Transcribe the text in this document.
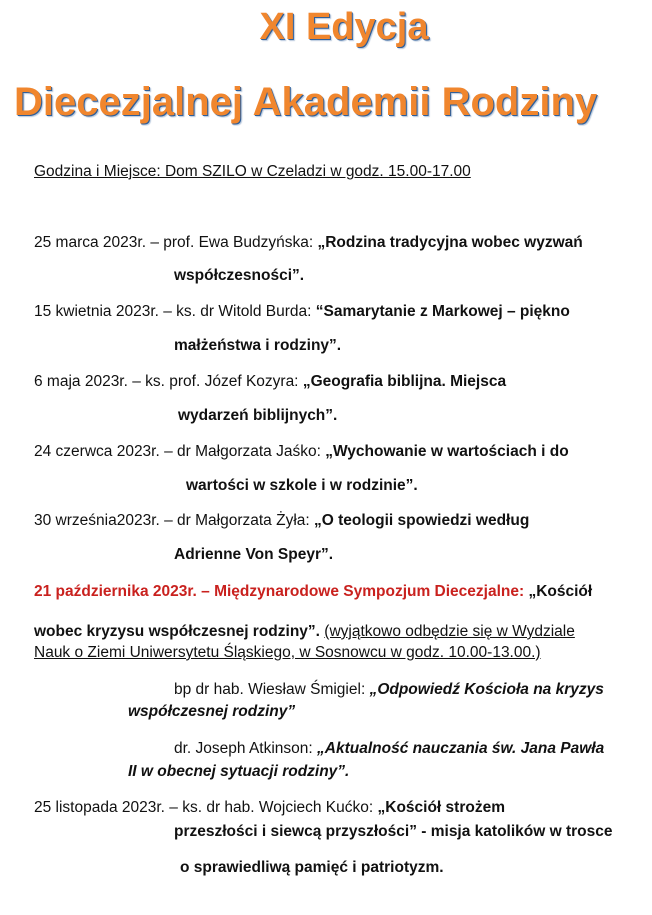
XI Edycja
Diecezjalnej Akademii Rodziny
Godzina i Miejsce: Dom SZILO w Czeladzi w godz. 15.00-17.00
25 marca 2023r. – prof. Ewa Budzyńska: „Rodzina tradycyjna wobec wyzwań
współczesności”.
15 kwietnia 2023r. – ks. dr Witold Burda: “Samarytanie z Markowej – piękno
małżeństwa i rodziny”.
6 maja 2023r. – ks. prof. Józef Kozyra: „Geografia biblijna. Miejsca
wydarzeń biblijnych”.
24 czerwca 2023r. – dr Małgorzata Jaśko: „Wychowanie w wartościach i do
wartości w szkole i w rodzinie”.
30 września2023r. – dr Małgorzata Żyła: „O teologii spowiedzi według
Adrienne Von Speyr”.
21 października 2023r. – Międzynarodowe Sympozjum Diecezjalne: „Kościół
wobec kryzysu współczesnej rodziny”. (wyjątkowo odbędzie się w Wydziale
Nauk o Ziemi Uniwersytetu Śląskiego, w Sosnowcu w godz. 10.00-13.00.)
bp dr hab. Wiesław Śmigiel: „Odpowiedź Kościoła na kryzys
współczesnej rodziny”
dr. Joseph Atkinson: „Aktualność nauczania św. Jana Pawła
II w obecnej sytuacji rodziny”.
25 listopada 2023r. – ks. dr hab. Wojciech Kućko: „Kościół strożem
przeszłości i siewcą przyszłości” - misja katolików w trosce
o sprawiedliwą pamięć i patriotyzm.
